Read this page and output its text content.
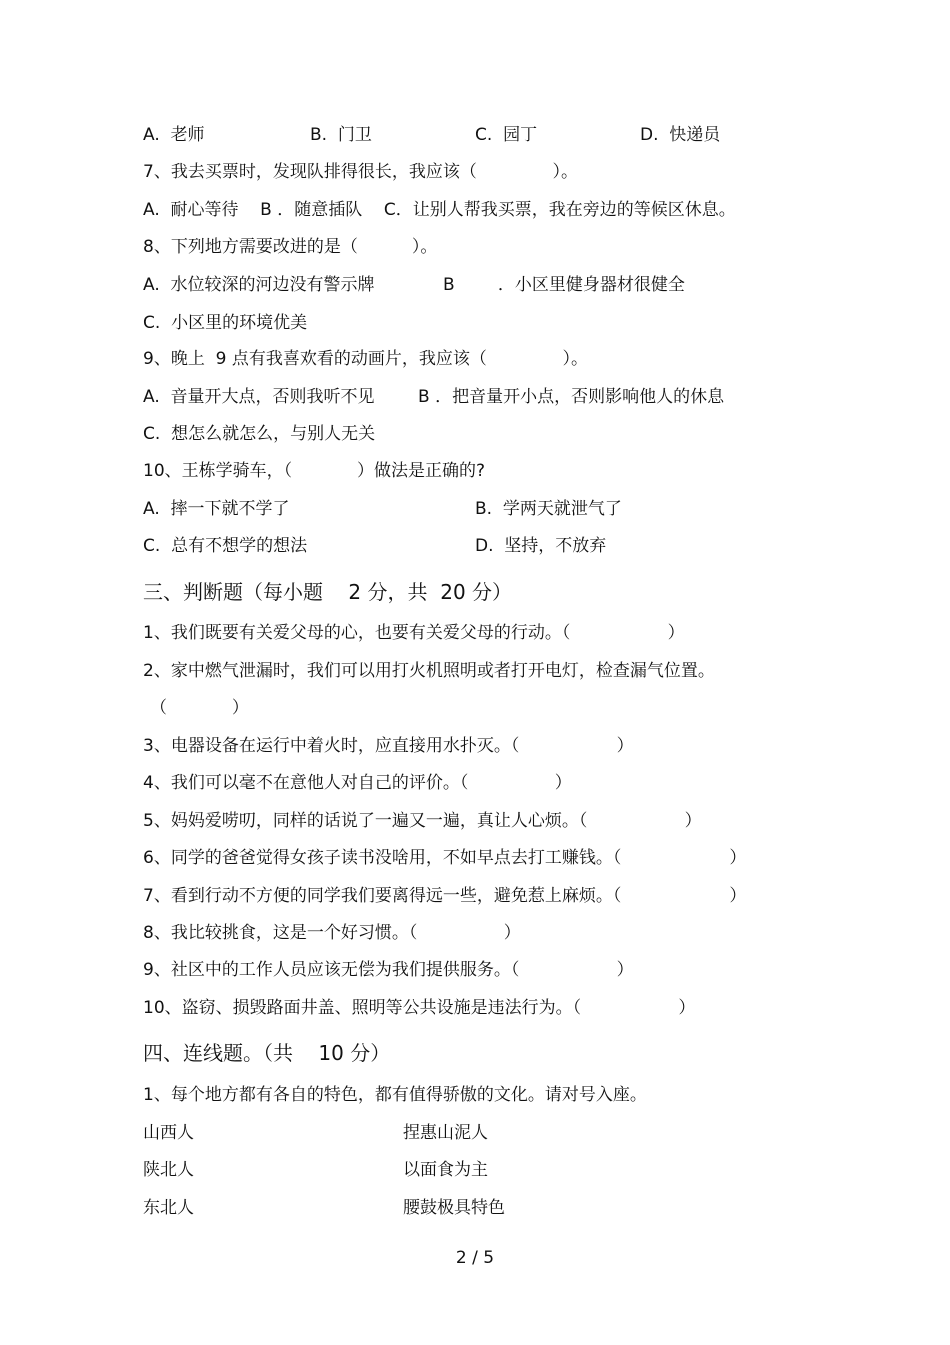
A.  老师	B.  门卫	C.  园丁	D.  快递员
7、我去买票时，发现队排得很长，我应该（              ）。
A.  耐心等待    B ．随意插队    C．让别人帮我买票，我在旁边的等候区休息。
8、下列地方需要改进的是（          ）。
A.  水位较深的河边没有警示牌	B        ．小区里健身器材很健全
C.  小区里的环境优美
9、晚上  9 点有我喜欢看的动画片，我应该（              ）。
A.  音量开大点，否则我听不见	B ．把音量开小点，否则影响他人的休息
C.  想怎么就怎么，与别人无关
10、王栋学骑车，（            ）做法是正确的?
A.  摔一下就不学了	B.  学两天就泄气了
C.  总有不想学的想法	D.  坚持，不放弃
三、判断题（每小题    2 分，共  20 分）
1、我们既要有关爱父母的心，也要有关爱父母的行动。（                  ）
2、家中燃气泄漏时，我们可以用打火机照明或者打开电灯，检查漏气位置。
（            ）
3、电器设备在运行中着火时，应直接用水扑灭。（                  ）
4、我们可以毫不在意他人对自己的评价。（                ）
5、妈妈爱唠叨，同样的话说了一遍又一遍，真让人心烦。（                  ）
6、同学的爸爸觉得女孩子读书没啥用，不如早点去打工赚钱。（                    ）
7、看到行动不方便的同学我们要离得远一些，避免惹上麻烦。（                    ）
8、我比较挑食，这是一个好习惯。（                ）
9、社区中的工作人员应该无偿为我们提供服务。（                  ）
10、盗窃、损毁路面井盖、照明等公共设施是违法行为。（                  ）
四、连线题。（共    10 分）
1、每个地方都有各自的特色，都有值得骄傲的文化。请对号入座。
山西人	捏惠山泥人
陕北人	以面食为主
东北人	腰鼓极具特色
2 / 5
